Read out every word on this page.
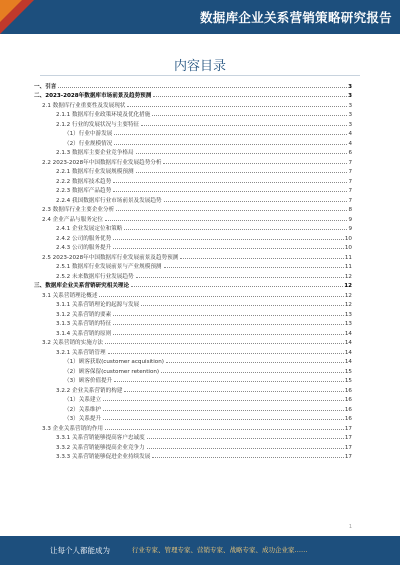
数据库企业关系营销策略研究报告
内容目录
一、引言	3
二、2023-2028年数据库市场前景及趋势预测	3
2.1 数据库行业重要性及发展现状	3
2.1.1 数据库行业政策环境及优化措施	3
2.1.2 行业的发展状况与主要特征	3
（1）行业中游发展	4
（2）行业规模情况	4
2.1.3 数据库主要企业竞争格局	6
2.2 2023-2028年中国数据库行业发展趋势分析	7
2.2.1 数据库行业发展规模预测	7
2.2.2 数据库技术趋势	7
2.2.3 数据库产品趋势	7
2.2.4 我国数据库行业市场前景及发展趋势	7
2.3 数据库行业主要企业分析	8
2.4 企业产品与服务定位	9
2.4.1 企业发展定位和策略	9
2.4.2 公司的服务优势	10
2.4.3 公司的服务提升	10
2.5 2023-2028年中国数据库行业发展前景及趋势预测	11
2.5.1 数据库行业发展前景与产业规模预测	11
2.5.2 未来数据库行业发展趋势	12
三、数据库企业关系营销研究相关理论	12
3.1 关系营销理论概述	12
3.1.1 关系营销理论的起源与发展	12
3.1.2 关系营销的要素	13
3.1.3 关系营销的特征	13
3.1.4 关系营销的原则	14
3.2 关系营销的实施方法	14
3.2.1 关系营销管理	14
（1）顾客获取(customer acquisition)	14
（2）顾客保留(customer retention)	15
（3）顾客价值提升	15
3.2.2 企业关系营销的构建	16
（1）关系建立	16
（2）关系维护	16
（3）关系提升	16
3.3 企业关系营销的作用	17
3.3.1 关系营销能够提高客户忠诚度	17
3.3.2 关系营销能够提高企业竞争力	17
3.3.3 关系营销能够促进企业持续发展	17
1
让每个人都能成为	行业专家、管理专家、营销专家、战略专家、成功企业家……
